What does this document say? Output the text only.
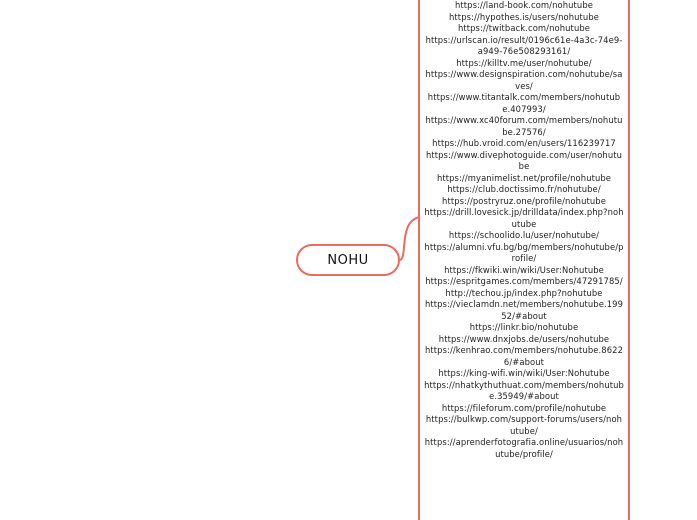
NOHU
https://land-book.com/nohutube
https://hypothes.is/users/nohutube
https://twitback.com/nohutube
https://urlscan.io/result/0196c61e-4a3c-74e9-a949-76e508293161/
https://killtv.me/user/nohutube/
https://www.designspiration.com/nohutube/saves/
https://www.titantalk.com/members/nohutube.407993/
https://www.xc40forum.com/members/nohutube.27576/
https://hub.vroid.com/en/users/116239717
https://www.divephotoguide.com/user/nohutube
https://myanimelist.net/profile/nohutube
https://club.doctissimo.fr/nohutube/
https://postryruz.one/profile/nohutube
https://drill.lovesick.jp/drilldata/index.php?nohutube
https://schoolido.lu/user/nohutube/
https://alumni.vfu.bg/bg/members/nohutube/profile/
https://fkwiki.win/wiki/User:Nohutube
https://espritgames.com/members/47291785/
http://techou.jp/index.php?nohutube
https://vieclamdn.net/members/nohutube.19952/#about
https://linkr.bio/nohutube
https://www.dnxjobs.de/users/nohutube
https://kenhrao.com/members/nohutube.86226/#about
https://king-wifi.win/wiki/User:Nohutube
https://nhatkythuthuat.com/members/nohutube.35949/#about
https://fileforum.com/profile/nohutube
https://bulkwp.com/support-forums/users/nohutube/
https://aprenderfotografia.online/usuarios/nohutube/profile/
